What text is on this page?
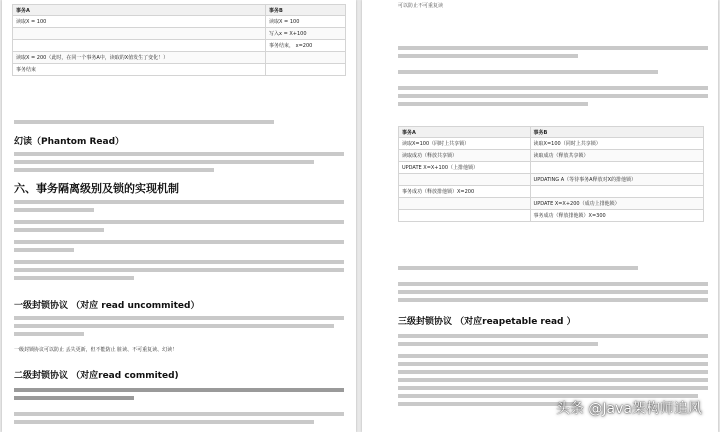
事务A	事务B
读取X = 100	读取X = 100
	写入x = X+100
	事务结束， x=200
读取X = 200（此时，在同一个事务A中，读取的X值发生了变化！）	
事务结束	
幻读（Phantom Read）

六、事务隔离级别及锁的实现机制

一级封锁协议 （对应 read uncommited）

一级封锁协议可以防止 丢失更新，但不能防止 脏读、不可重复读、幻读！
二级封锁协议 （对应read commited)

可以防止不可重复读

事务A	事务B
读取X=100（同时上共享锁）	读取X=100（同时上共享锁）
读取成功（释放共享锁）	读取成功（释放共享锁）
UPDATE X=X+100（上排他锁）	
	UPDATING A（等待事务A释放对X的排他锁）
事务成功（释放排他锁）X=200	
	UPDATE X=X+200（成功上排他锁）
	事务成功（释放排他锁）X=300

三级封锁协议 （对应reapetable read ）

头条 @Java架构师追风
